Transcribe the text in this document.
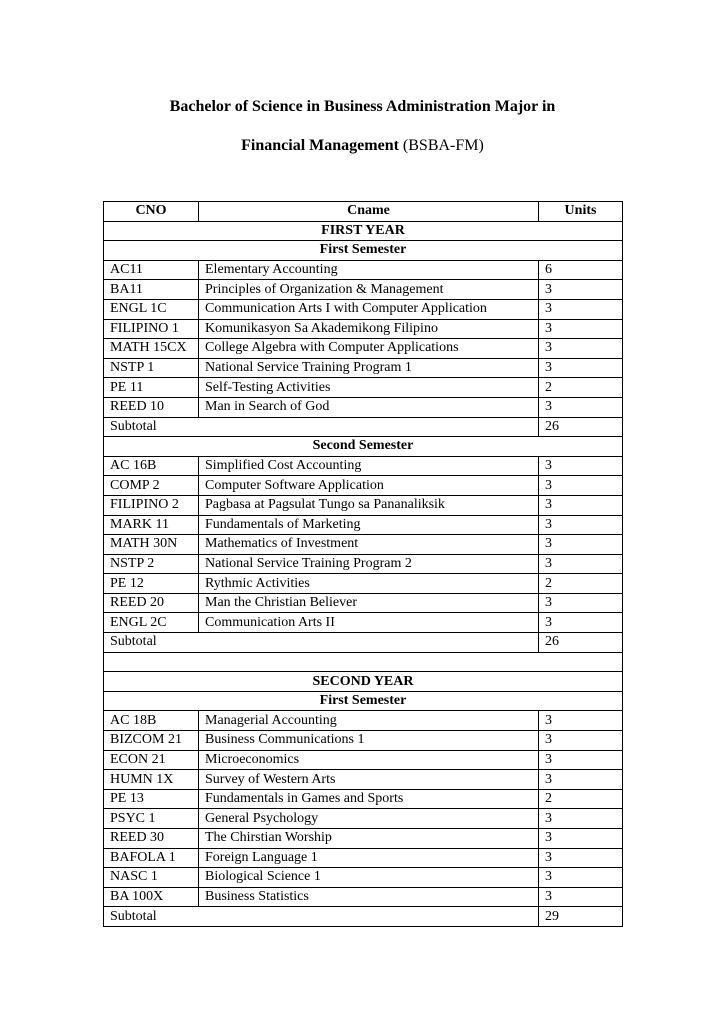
Bachelor of Science in Business Administration Major in
Financial Management (BSBA-FM)
CNO	Cname	Units
FIRST YEAR		
First Semester		
AC11	Elementary Accounting	6
BA11	Principles of Organization & Management	3
ENGL 1C	Communication Arts I with Computer Application	3
FILIPINO 1	Komunikasyon Sa Akademikong Filipino	3
MATH 15CX	College Algebra with Computer Applications	3
NSTP 1	National Service Training Program 1	3
PE 11	Self-Testing Activities	2
REED 10	Man in Search of God	3
Subtotal		26
Second Semester		
AC 16B	Simplified Cost Accounting	3
COMP 2	Computer Software Application	3
FILIPINO 2	Pagbasa at Pagsulat Tungo sa Pananaliksik	3
MARK 11	Fundamentals of Marketing	3
MATH 30N	Mathematics of Investment	3
NSTP 2	National Service Training Program 2	3
PE 12	Rythmic Activities	2
REED 20	Man the Christian Believer	3
ENGL 2C	Communication Arts II	3
Subtotal		26

SECOND YEAR		
First Semester		
AC 18B	Managerial Accounting	3
BIZCOM 21	Business Communications 1	3
ECON 21	Microeconomics	3
HUMN 1X	Survey of Western Arts	3
PE 13	Fundamentals in Games and Sports	2
PSYC 1	General Psychology	3
REED 30	The Chirstian Worship	3
BAFOLA 1	Foreign Language 1	3
NASC 1	Biological Science 1	3
BA 100X	Business Statistics	3
Subtotal		29
